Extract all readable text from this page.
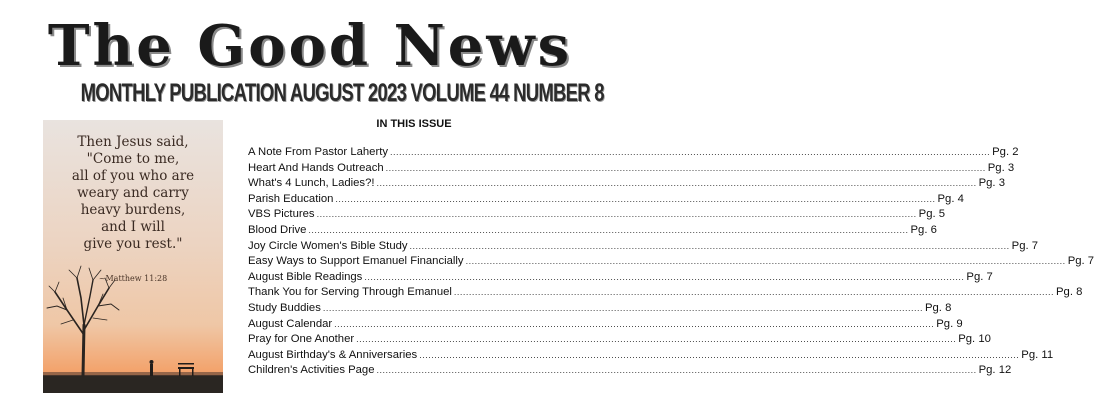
The Good News
MONTHLY PUBLICATION AUGUST 2023 VOLUME 44 NUMBER 8
Then Jesus said,
"Come to me,
all of you who are
weary and carry
heavy burdens,
and I will
give you rest."
~Matthew 11:28
IN THIS ISSUE
A Note From Pastor Laherty ........................................................................................................................................................................................................ Pg. 2
Heart And Hands Outreach ........................................................................................................................................................................................................ Pg. 3
What's 4 Lunch, Ladies?! ........................................................................................................................................................................................................ Pg. 3
Parish Education ........................................................................................................................................................................................................ Pg. 4
VBS Pictures ........................................................................................................................................................................................................ Pg. 5
Blood Drive ........................................................................................................................................................................................................ Pg. 6
Joy Circle Women's Bible Study ........................................................................................................................................................................................................ Pg. 7
Easy Ways to Support Emanuel Financially ........................................................................................................................................................................................................ Pg. 7
August Bible Readings ........................................................................................................................................................................................................ Pg. 7
Thank You for Serving Through Emanuel ........................................................................................................................................................................................................ Pg. 8
Study Buddies ........................................................................................................................................................................................................ Pg. 8
August Calendar ........................................................................................................................................................................................................ Pg. 9
Pray for One Another ........................................................................................................................................................................................................ Pg. 10
August Birthday's & Anniversaries ........................................................................................................................................................................................................ Pg. 11
Children's Activities Page ........................................................................................................................................................................................................ Pg. 12
